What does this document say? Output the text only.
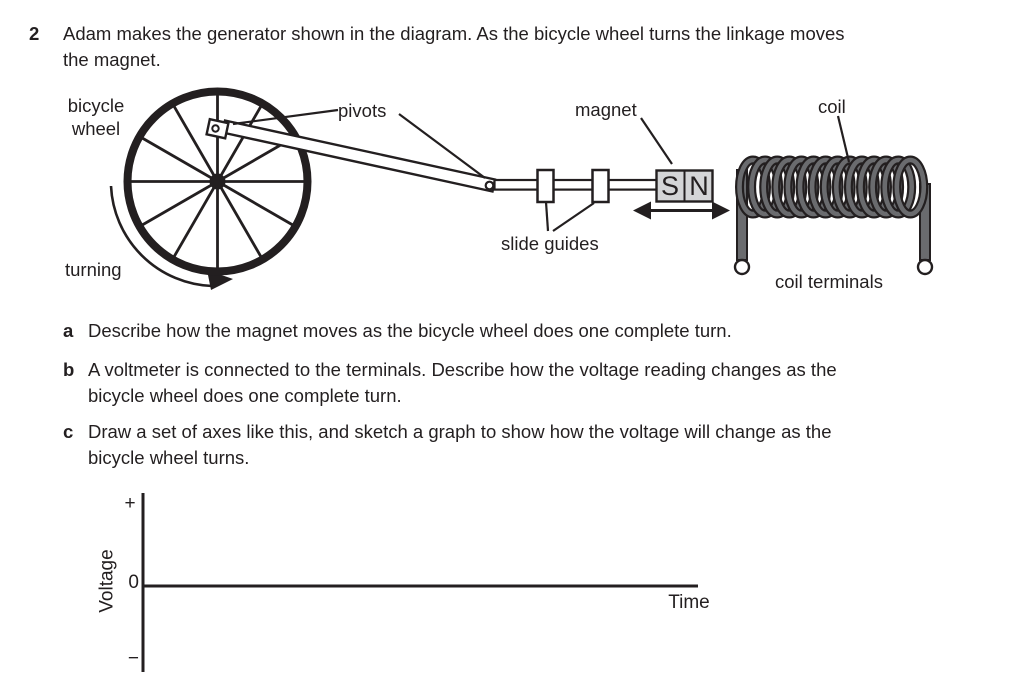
2 Adam makes the generator shown in the diagram. As the bicycle wheel turns the linkage moves
the magnet.
bicycle wheel
pivots
turning
slide guides
magnet	coil
coil terminals
S N
a Describe how the magnet moves as the bicycle wheel does one complete turn.
b A voltmeter is connected to the terminals. Describe how the voltage reading changes as the
bicycle wheel does one complete turn.
c Draw a set of axes like this, and sketch a graph to show how the voltage will change as the
bicycle wheel turns.
+
0
−
Voltage	Time
